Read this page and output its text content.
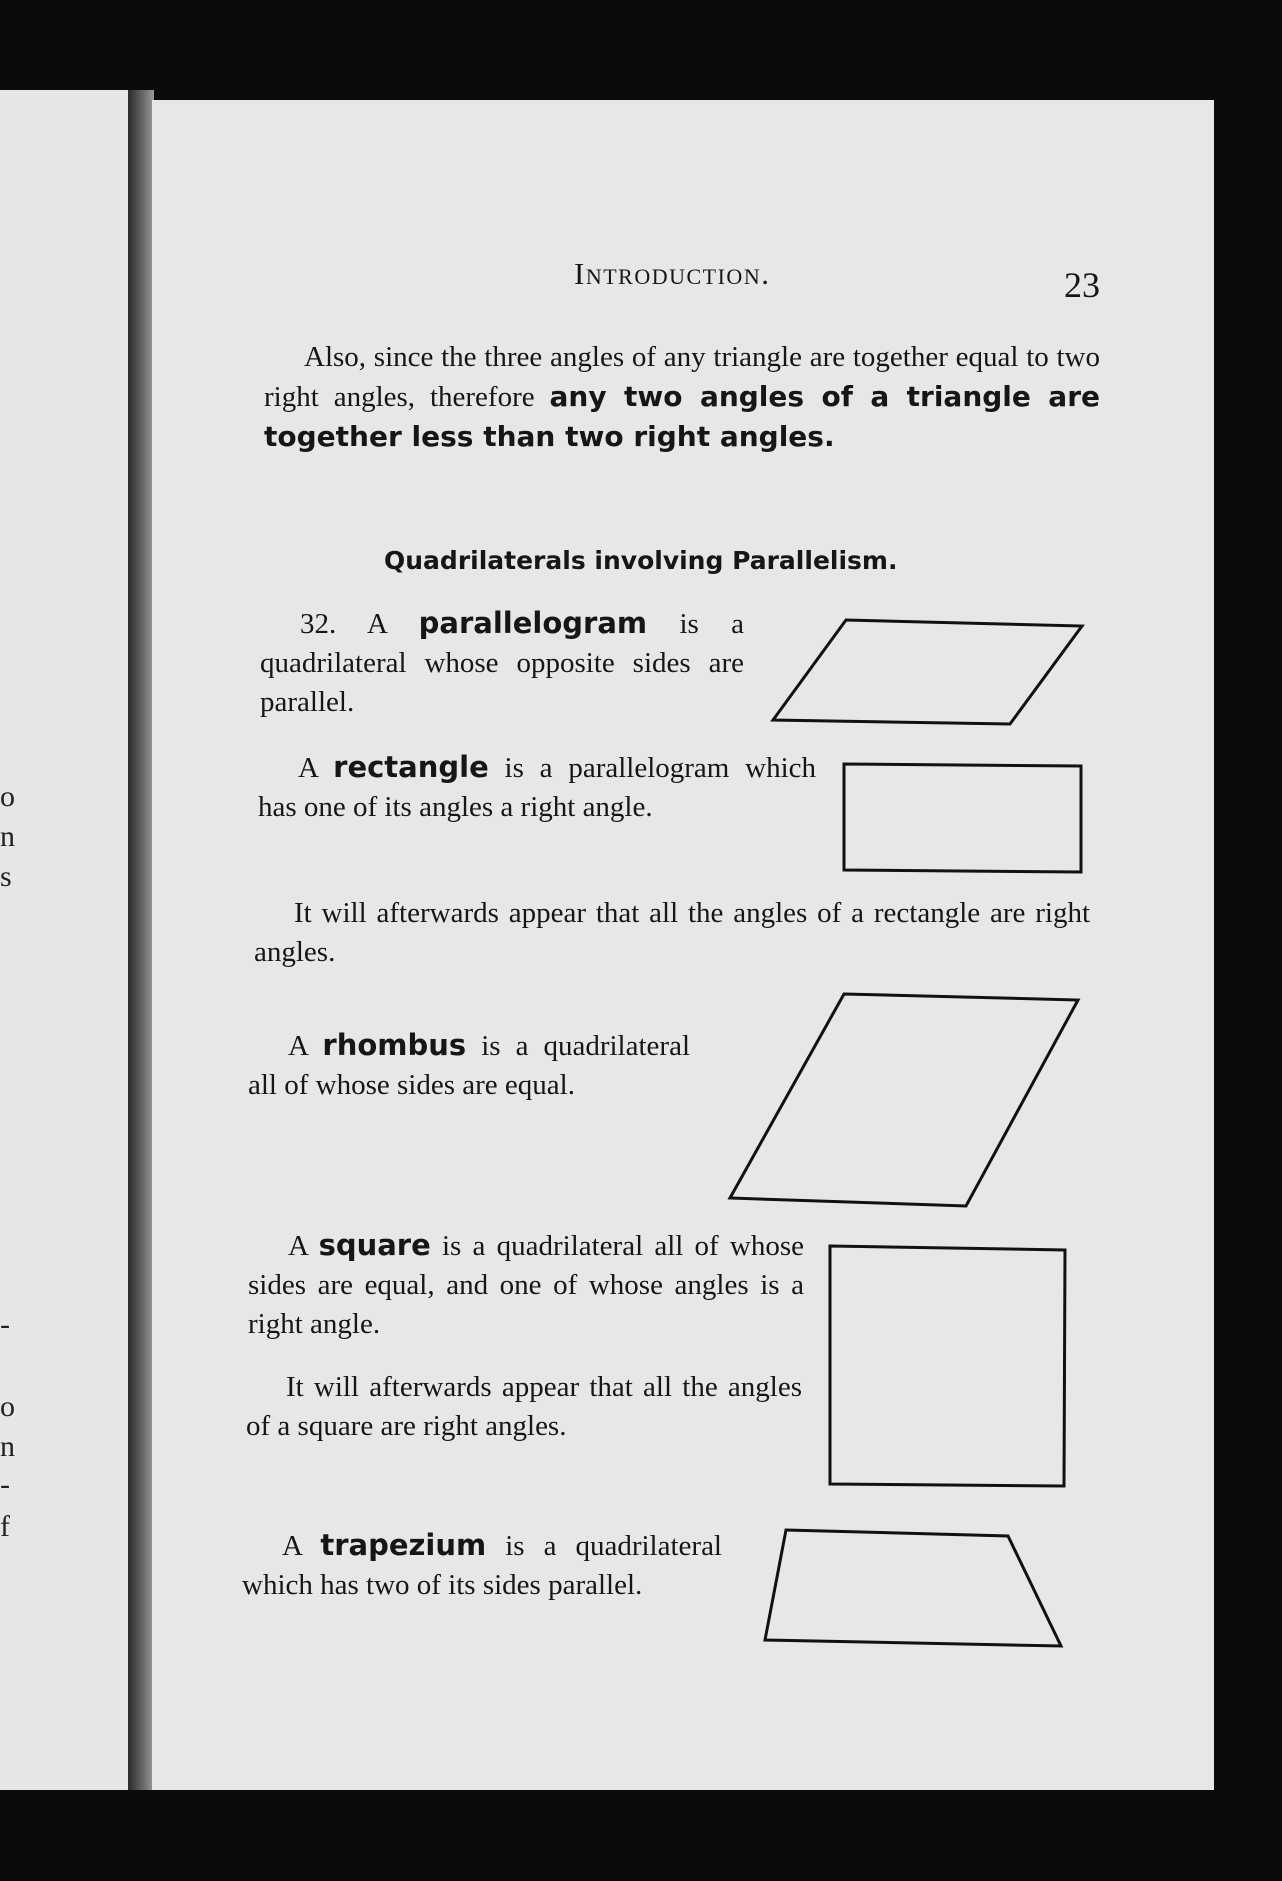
o
n
s
-
o
n
-
f
Introduction.	23
Also, since the three angles of any triangle are together equal to two right angles, therefore any two angles of a triangle are together less than two right angles.
Quadrilaterals involving Parallelism.
32. A parallelogram is a quadrilateral whose opposite sides are parallel.
A rectangle is a parallelogram which has one of its angles a right angle.
It will afterwards appear that all the angles of a rectangle are right angles.
A rhombus is a quadrilateral all of whose sides are equal.
A square is a quadrilateral all of whose sides are equal, and one of whose angles is a right angle.
It will afterwards appear that all the angles of a square are right angles.
A trapezium is a quadrilateral which has two of its sides parallel.
